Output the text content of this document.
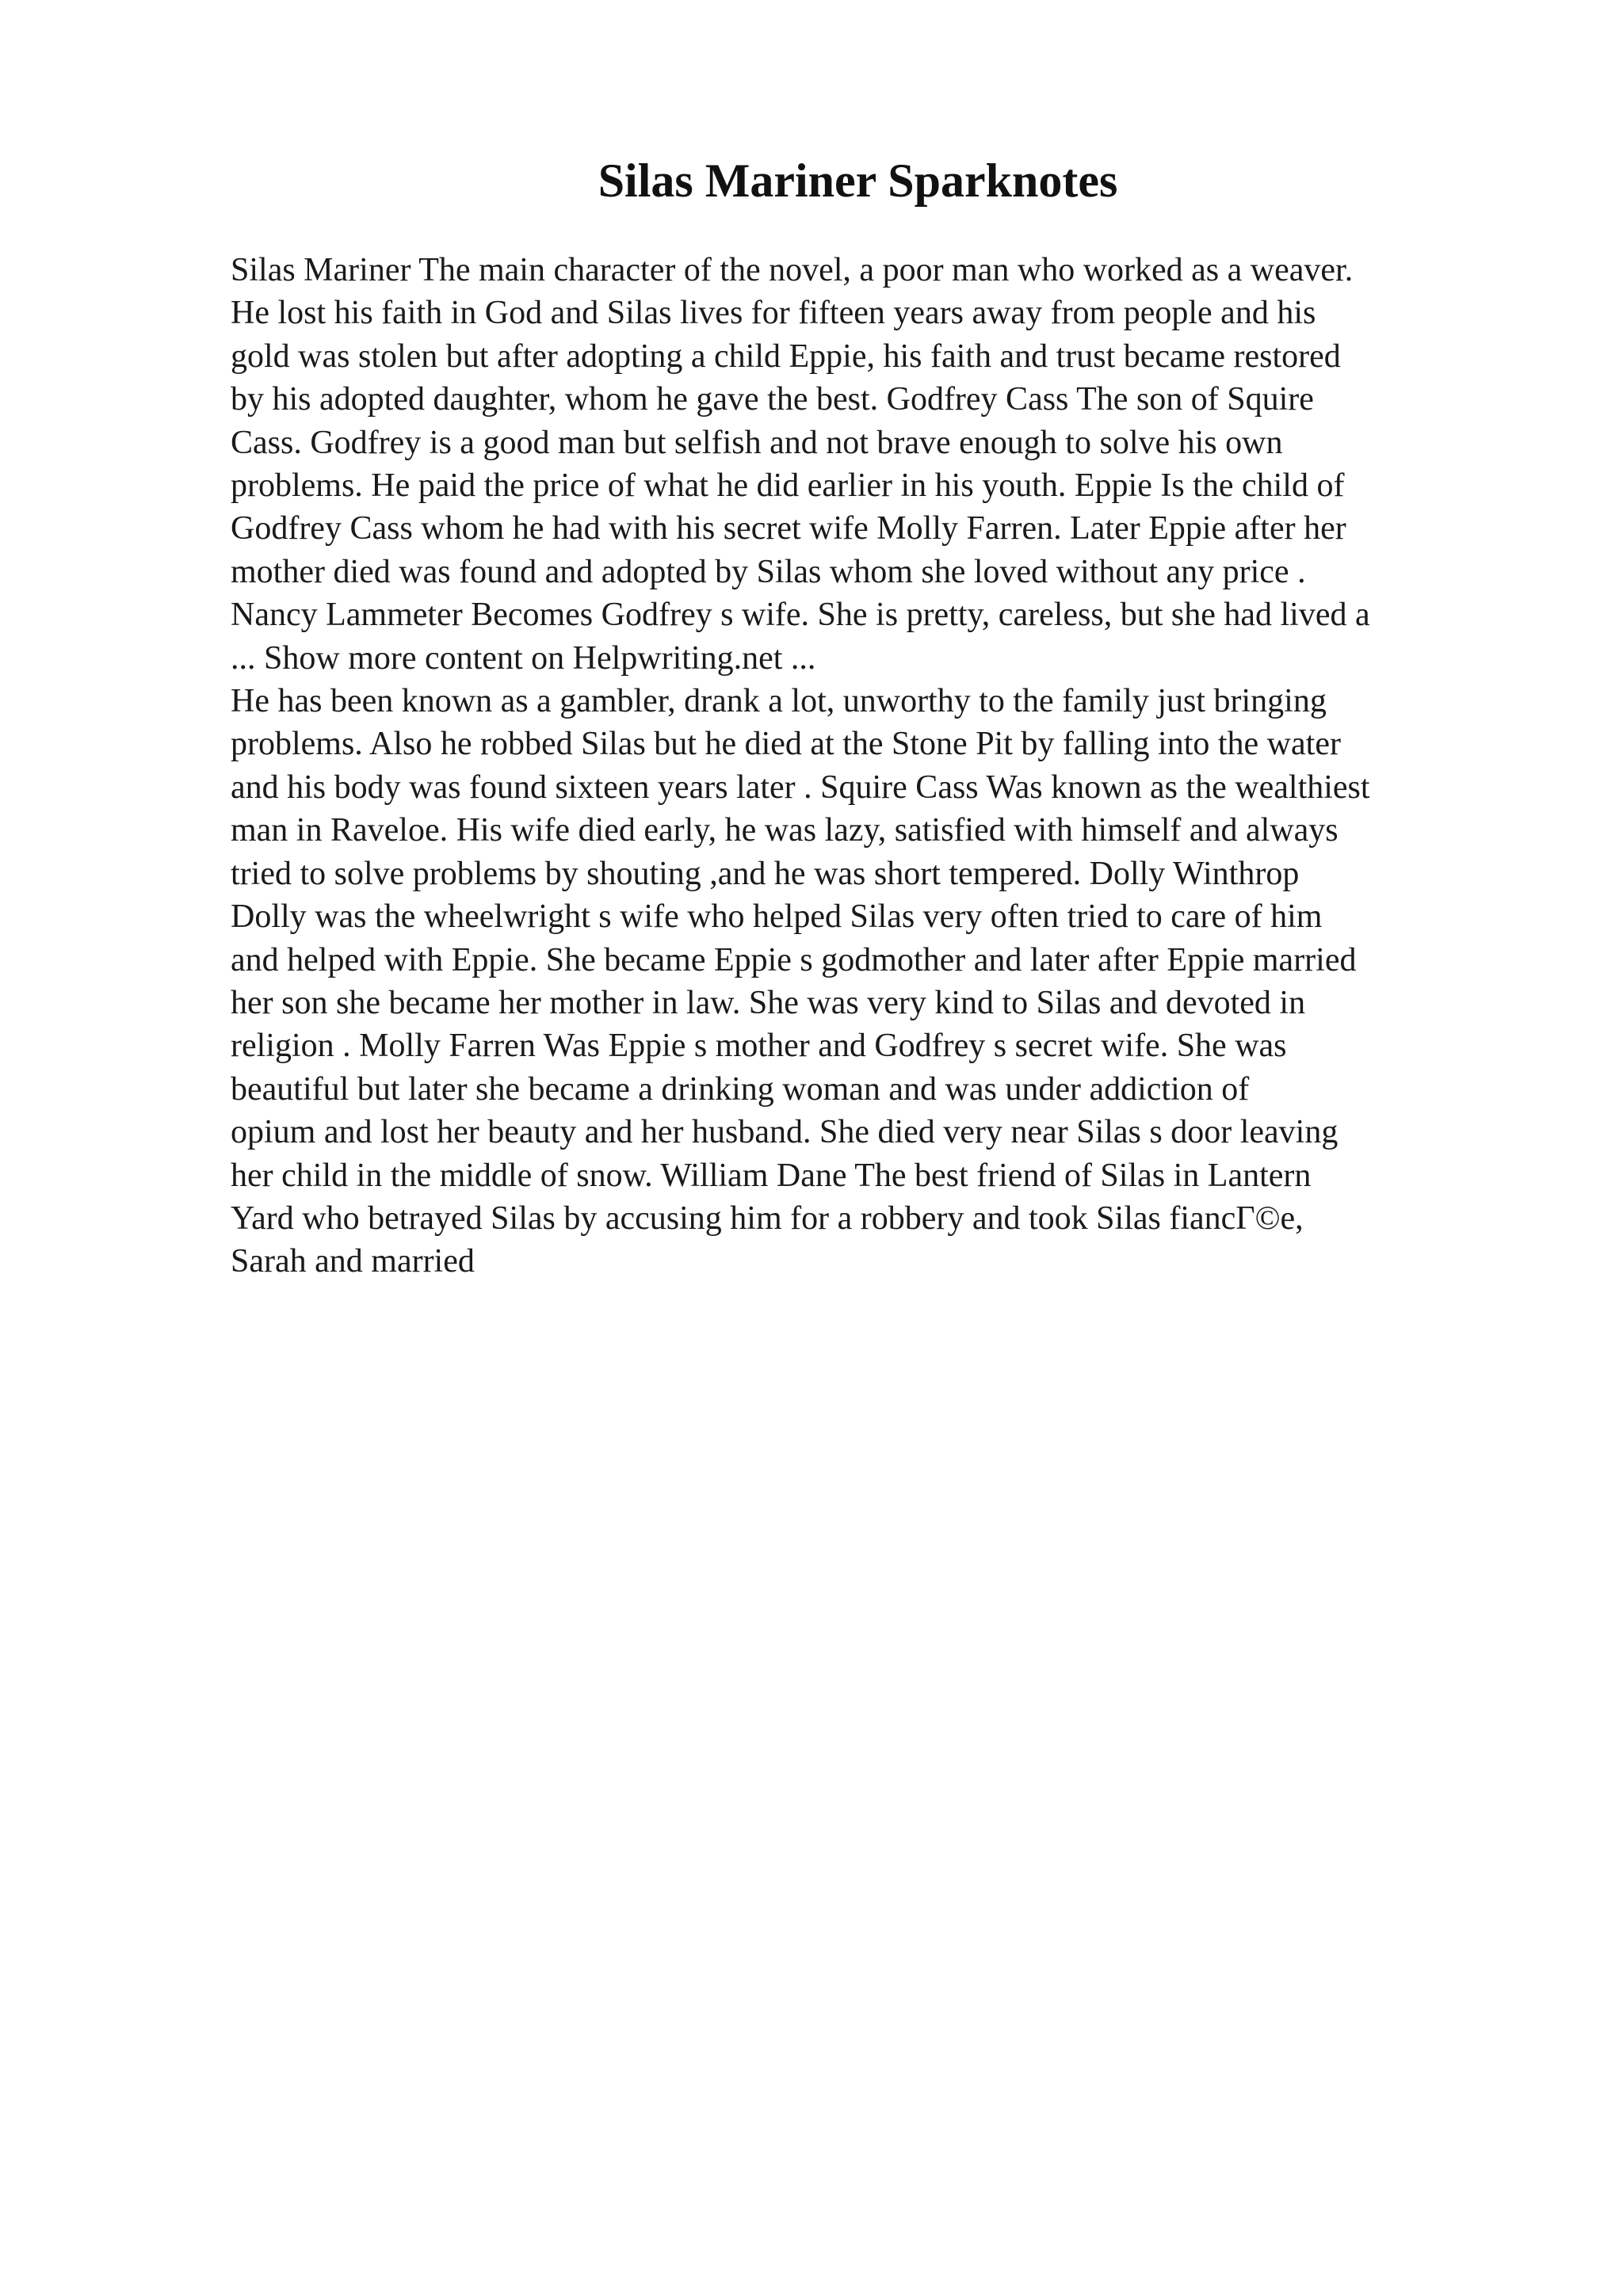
Silas Mariner Sparknotes
Silas Mariner The main character of the novel, a poor man who worked as a weaver.
He lost his faith in God and Silas lives for fifteen years away from people and his
gold was stolen but after adopting a child Eppie, his faith and trust became restored
by his adopted daughter, whom he gave the best. Godfrey Cass The son of Squire
Cass. Godfrey is a good man but selfish and not brave enough to solve his own
problems. He paid the price of what he did earlier in his youth. Eppie Is the child of
Godfrey Cass whom he had with his secret wife Molly Farren. Later Eppie after her
mother died was found and adopted by Silas whom she loved without any price .
Nancy Lammeter Becomes Godfrey s wife. She is pretty, careless, but she had lived a
... Show more content on Helpwriting.net ...
He has been known as a gambler, drank a lot, unworthy to the family just bringing
problems. Also he robbed Silas but he died at the Stone Pit by falling into the water
and his body was found sixteen years later . Squire Cass Was known as the wealthiest
man in Raveloe. His wife died early, he was lazy, satisfied with himself and always
tried to solve problems by shouting ,and he was short tempered. Dolly Winthrop
Dolly was the wheelwright s wife who helped Silas very often tried to care of him
and helped with Eppie. She became Eppie s godmother and later after Eppie married
her son she became her mother in law. She was very kind to Silas and devoted in
religion . Molly Farren Was Eppie s mother and Godfrey s secret wife. She was
beautiful but later she became a drinking woman and was under addiction of
opium and lost her beauty and her husband. She died very near Silas s door leaving
her child in the middle of snow. William Dane The best friend of Silas in Lantern
Yard who betrayed Silas by accusing him for a robbery and took Silas fiancГ©e,
Sarah and married
